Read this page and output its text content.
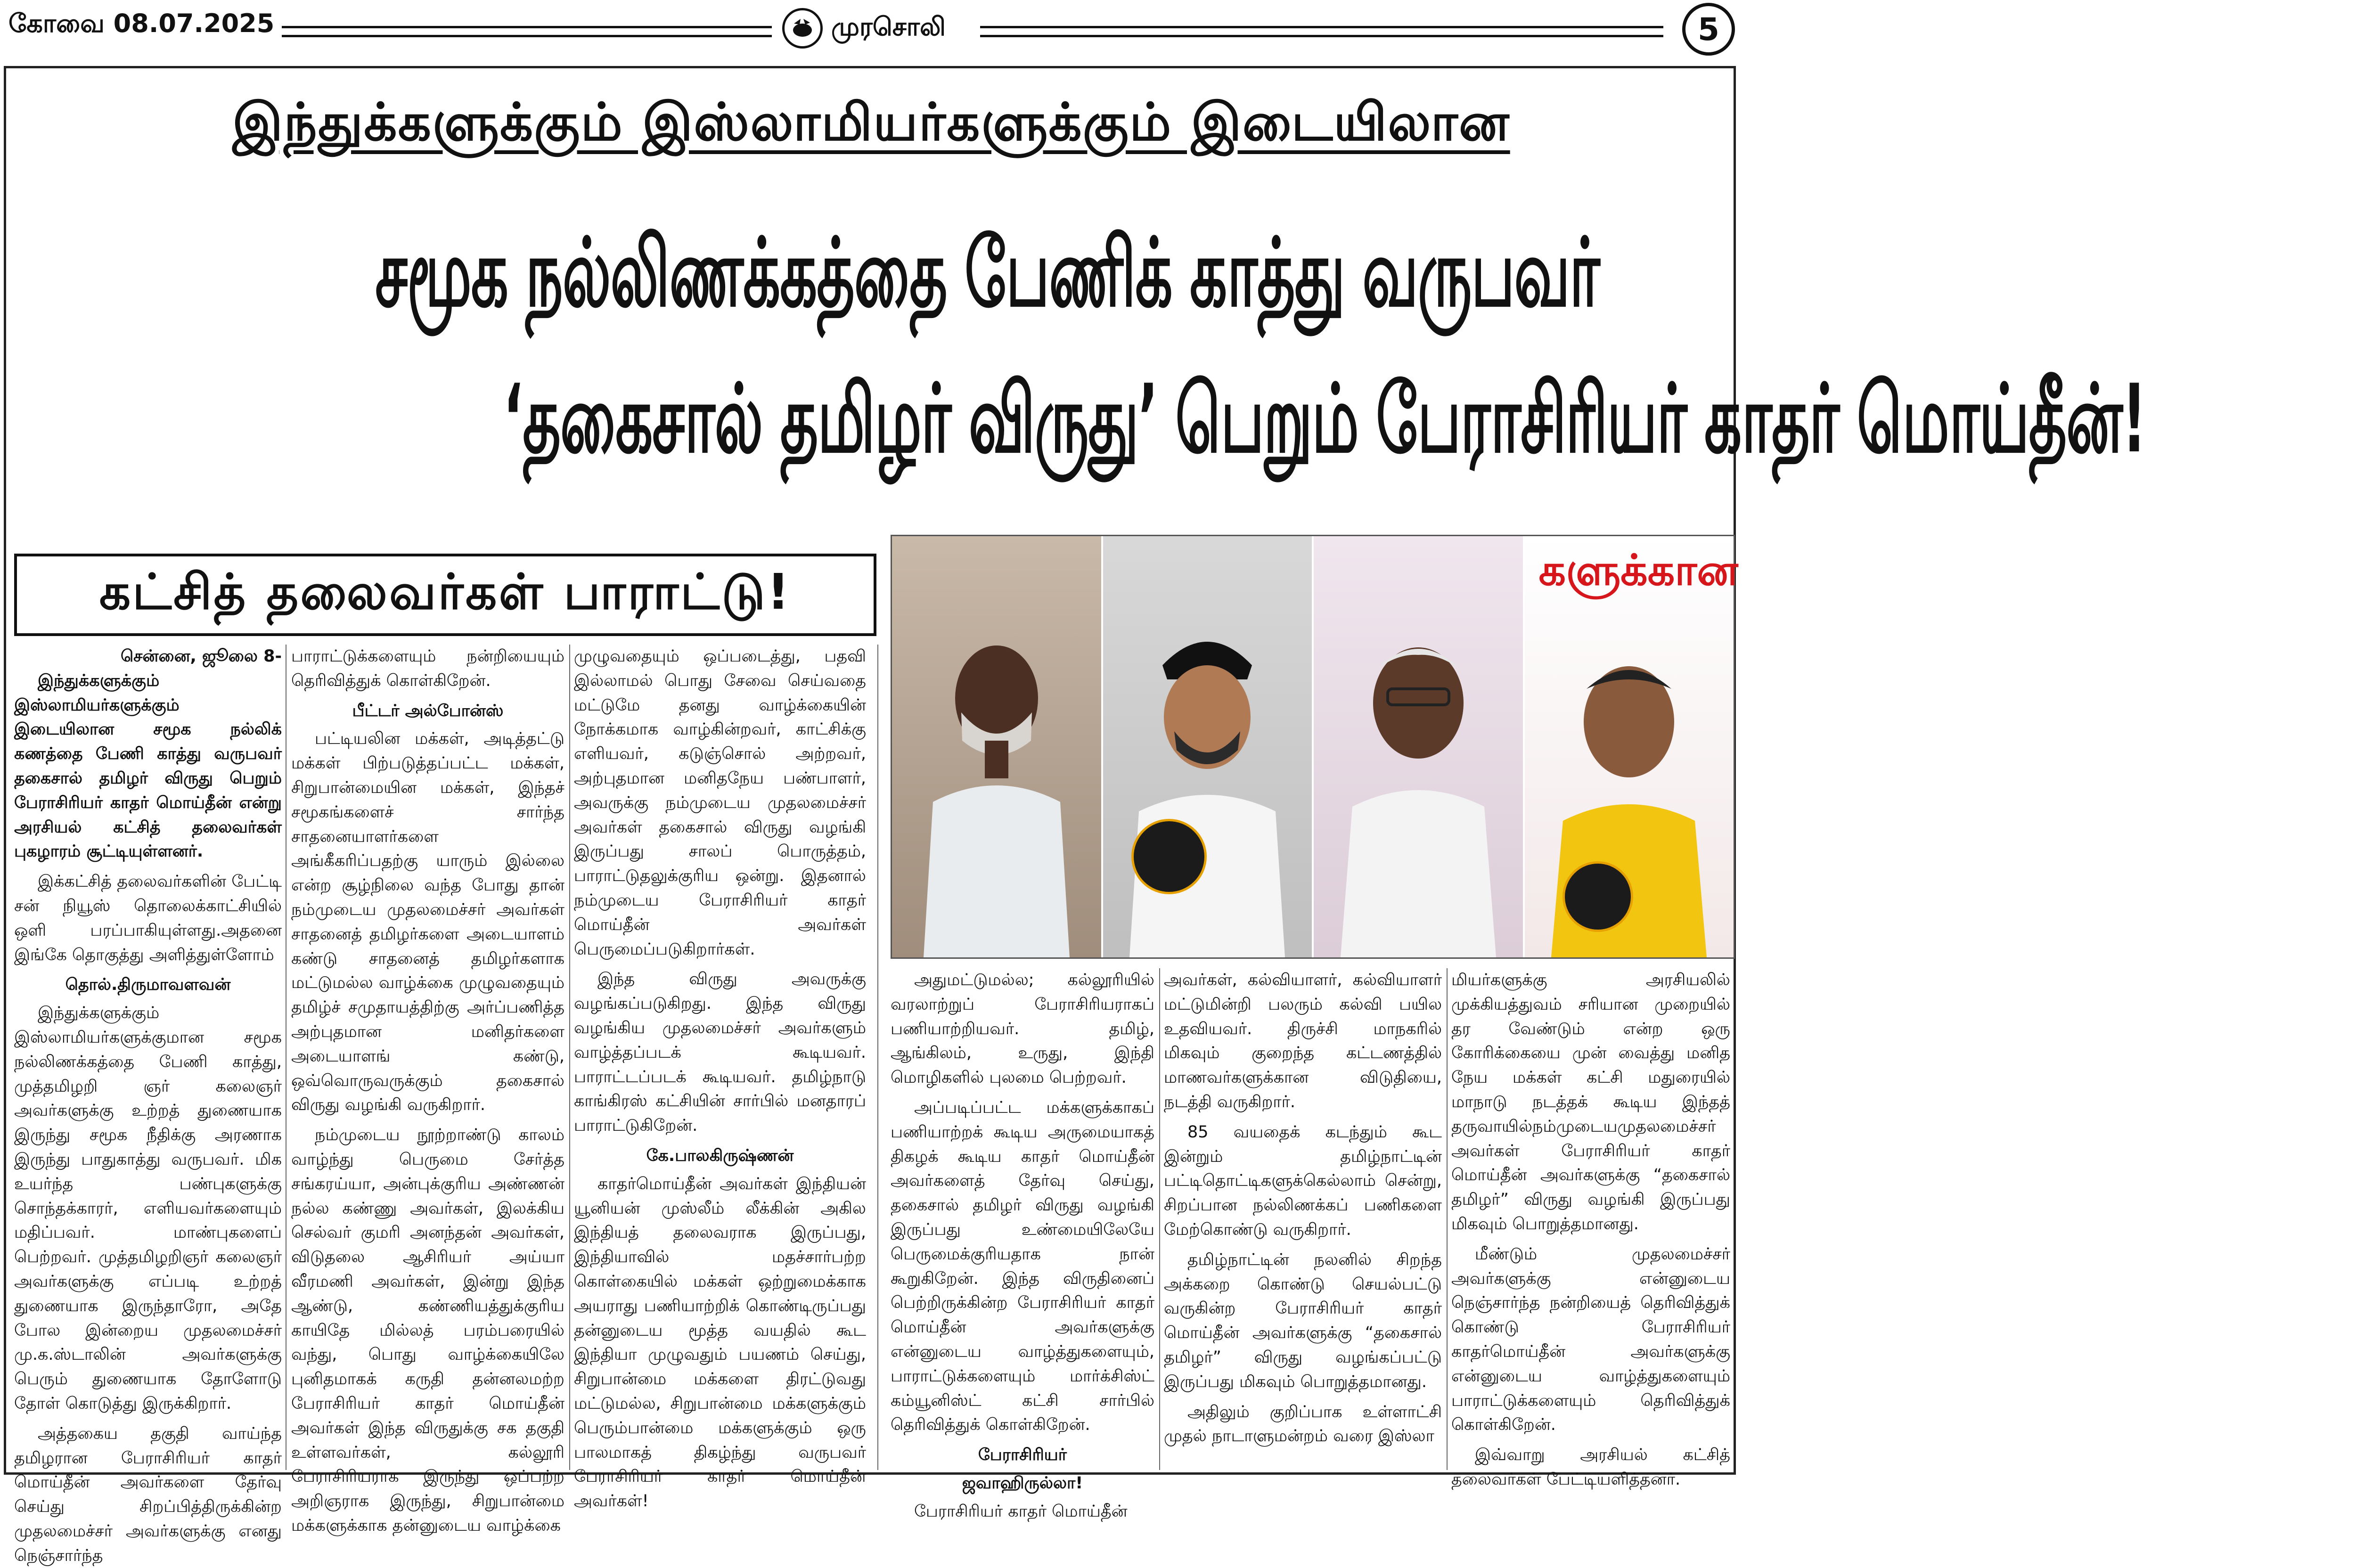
கோவை 08.07.2025	முரசொலி	5
இந்துக்களுக்கும் இஸ்லாமியர்களுக்கும் இடையிலான
சமூக நல்லிணக்கத்தை பேணிக் காத்து வருபவர்
‘தகைசால் தமிழர் விருது’ பெறும் பேராசிரியர் காதர் மொய்தீன்!
கட்சித் தலைவர்கள் பாராட்டு!	களுக்கான
சென்னை, ஜூலை 8-

இந்துக்களுக்கும் இஸ்லாமியர்களுக்கும் இடையிலான சமூக நல்லிக் கணத்தை பேணி காத்து வருபவர் தகைசால் தமிழர் விருது பெறும் பேராசிரியர் காதர் மொய்தீன் என்று அரசியல் கட்சித் தலைவர்கள் புகழாரம் சூட்டியுள்ளனர்.

இக்கட்சித் தலைவர்களின் பேட்டி சன் நியூஸ் தொலைக்காட்சியில் ஒளி பரப்பாகியுள்ளது.அதனை இங்கே தொகுத்து அளித்துள்ளோம்

தொல்.திருமாவளவன்

இந்துக்களுக்கும் இஸ்லாமியர்களுக்குமான சமூக நல்லிணக்கத்தை பேணி காத்து, முத்தமிழறி ஞர் கலைஞர் அவர்களுக்கு உற்றத் துணையாக இருந்து சமூக நீதிக்கு அரணாக இருந்து பாதுகாத்து வருபவர். மிக உயர்ந்த பண்புகளுக்கு சொந்தக்காரர், எளியவர்களையும் மதிப்பவர். மாண்புகளைப் பெற்றவர். முத்தமிழறிஞர் கலைஞர் அவர்களுக்கு எப்படி உற்றத் துணையாக இருந்தாரோ, அதே போல இன்றைய முதலமைச்சர் மு.க.ஸ்டாலின் அவர்களுக்கு பெரும் துணையாக தோளோடு தோள் கொடுத்து இருக்கிறார்.

அத்தகைய தகுதி வாய்ந்த தமிழரான பேராசிரியர் காதர் மொய்தீன் அவர்களை தேர்வு செய்து சிறப்பித்திருக்கின்ற முதலமைச்சர் அவர்களுக்கு எனது நெஞ்சார்ந்த

பாராட்டுக்களையும் நன்றியையும் தெரிவித்துக் கொள்கிறேன்.

பீட்டர் அல்போன்ஸ்

பட்டியலின மக்கள், அடித்தட்டு மக்கள் பிற்படுத்தப்பட்ட மக்கள், சிறுபான்மையின மக்கள், இந்தச் சமூகங்களைச் சார்ந்த சாதனையாளர்களை அங்கீகரிப்பதற்கு யாரும் இல்லை என்ற சூழ்நிலை வந்த போது தான் நம்முடைய முதலமைச்சர் அவர்கள் சாதனைத் தமிழர்களை அடையாளம் கண்டு சாதனைத் தமிழர்களாக மட்டுமல்ல வாழ்க்கை முழுவதையும் தமிழ்ச் சமுதாயத்திற்கு அர்ப்பணித்த அற்புதமான மனிதர்களை அடையாளங் கண்டு, ஒவ்வொருவருக்கும் தகைசால் விருது வழங்கி வருகிறார்.

நம்முடைய நூற்றாண்டு காலம் வாழ்ந்து பெருமை சேர்த்த சங்கரய்யா, அன்புக்குரிய அண்ணன் நல்ல கண்ணு அவர்கள், இலக்கிய செல்வர் குமரி அனந்தன் அவர்கள், விடுதலை ஆசிரியர் அய்யா வீரமணி அவர்கள், இன்று இந்த ஆண்டு, கண்ணியத்துக்குரிய காயிதே மில்லத் பரம்பரையில் வந்து, பொது வாழ்க்கையிலே புனிதமாகக் கருதி தன்னலமற்ற பேராசிரியர் காதர் மொய்தீன் அவர்கள் இந்த விருதுக்கு சக தகுதி உள்ளவர்கள், கல்லூரி பேராசிரியராக இருந்து ஒப்பற்ற அறிஞராக இருந்து, சிறுபான்மை மக்களுக்காக தன்னுடைய வாழ்க்கை

முழுவதையும் ஒப்படைத்து, பதவி இல்லாமல் பொது சேவை செய்வதை மட்டுமே தனது வாழ்க்கையின் நோக்கமாக வாழ்கின்றவர், காட்சிக்கு எளியவர், கடுஞ்சொல் அற்றவர், அற்புதமான மனிதநேய பண்பாளர், அவருக்கு நம்முடைய முதலமைச்சர் அவர்கள் தகைசால் விருது வழங்கி இருப்பது சாலப் பொருத்தம், பாராட்டுதலுக்குரிய ஒன்று. இதனால் நம்முடைய பேராசிரியர் காதர் மொய்தீன் அவர்கள் பெருமைப்படுகிறார்கள்.

இந்த விருது அவருக்கு வழங்கப்படுகிறது. இந்த விருது வழங்கிய முதலமைச்சர் அவர்களும் வாழ்த்தப்படக் கூடியவர். பாராட்டப்படக் கூடியவர். தமிழ்நாடு காங்கிரஸ் கட்சியின் சார்பில் மனதாரப் பாராட்டுகிறேன்.

கே.பாலகிருஷ்ணன்

காதர்மொய்தீன் அவர்கள் இந்தியன் யூனியன் முஸ்லீம் லீக்கின் அகில இந்தியத் தலைவராக இருப்பது, இந்தியாவில் மதச்சார்பற்ற கொள்கையில் மக்கள் ஒற்றுமைக்காக அயராது பணியாற்றிக் கொண்டிருப்பது தன்னுடைய மூத்த வயதில் கூட இந்தியா முழுவதும் பயணம் செய்து, சிறுபான்மை மக்களை திரட்டுவது மட்டுமல்ல, சிறுபான்மை மக்களுக்கும் பெரும்பான்மை மக்களுக்கும் ஒரு பாலமாகத் திகழ்ந்து வருபவர் பேராசிரியர் காதர் மொய்தீன் அவர்கள்!

அதுமட்டுமல்ல; கல்லூரியில் வரலாற்றுப் பேராசிரியராகப் பணியாற்றியவர். தமிழ், ஆங்கிலம், உருது, இந்தி மொழிகளில் புலமை பெற்றவர்.

அப்படிப்பட்ட மக்களுக்காகப் பணியாற்றக் கூடிய அருமையாகத் திகழக் கூடிய காதர் மொய்தீன் அவர்களைத் தேர்வு செய்து, தகைசால் தமிழர் விருது வழங்கி இருப்பது உண்மையிலேயே பெருமைக்குரியதாக நான் கூறுகிறேன். இந்த விருதினைப் பெற்றிருக்கின்ற பேராசிரியர் காதர் மொய்தீன் அவர்களுக்கு என்னுடைய வாழ்த்துகளையும், பாராட்டுக்களையும் மார்க்சிஸ்ட் கம்யூனிஸ்ட் கட்சி சார்பில் தெரிவித்துக் கொள்கிறேன்.

பேராசிரியர்

ஜவாஹிருல்லா!

பேராசிரியர் காதர் மொய்தீன்

அவர்கள், கல்வியாளர், கல்வியாளர் மட்டுமின்றி பலரும் கல்வி பயில உதவியவர். திருச்சி மாநகரில் மிகவும் குறைந்த கட்டணத்தில் மாணவர்களுக்கான விடுதியை, நடத்தி வருகிறார்.

85 வயதைக் கடந்தும் கூட இன்றும் தமிழ்நாட்டின் பட்டிதொட்டிகளுக்கெல்லாம் சென்று, சிறப்பான நல்லிணக்கப் பணிகளை மேற்கொண்டு வருகிறார்.

தமிழ்நாட்டின் நலனில் சிறந்த அக்கறை கொண்டு செயல்பட்டு வருகின்ற பேராசிரியர் காதர் மொய்தீன் அவர்களுக்கு “தகைசால் தமிழர்” விருது வழங்கப்பட்டு இருப்பது மிகவும் பொறுத்தமானது.

அதிலும் குறிப்பாக உள்ளாட்சி முதல் நாடாளுமன்றம் வரை இஸ்லா

மியர்களுக்கு அரசியலில் முக்கியத்துவம் சரியான முறையில் தர வேண்டும் என்ற ஒரு கோரிக்கையை முன் வைத்து மனித நேய மக்கள் கட்சி மதுரையில் மாநாடு நடத்தக் கூடிய இந்தத் தருவாயில்நம்முடையமுதலமைச்சர் அவர்கள் பேராசிரியர் காதர் மொய்தீன் அவர்களுக்கு “தகைசால் தமிழர்” விருது வழங்கி இருப்பது மிகவும் பொறுத்தமானது.

மீண்டும் முதலமைச்சர் அவர்களுக்கு என்னுடைய நெஞ்சார்ந்த நன்றியைத் தெரிவித்துக் கொண்டு பேராசிரியர் காதர்மொய்தீன் அவர்களுக்கு என்னுடைய வாழ்த்துகளையும் பாராட்டுக்களையும் தெரிவித்துக் கொள்கிறேன்.

இவ்வாறு அரசியல் கட்சித் தலைவர்கள் பேட்டியளித்தனர்.
